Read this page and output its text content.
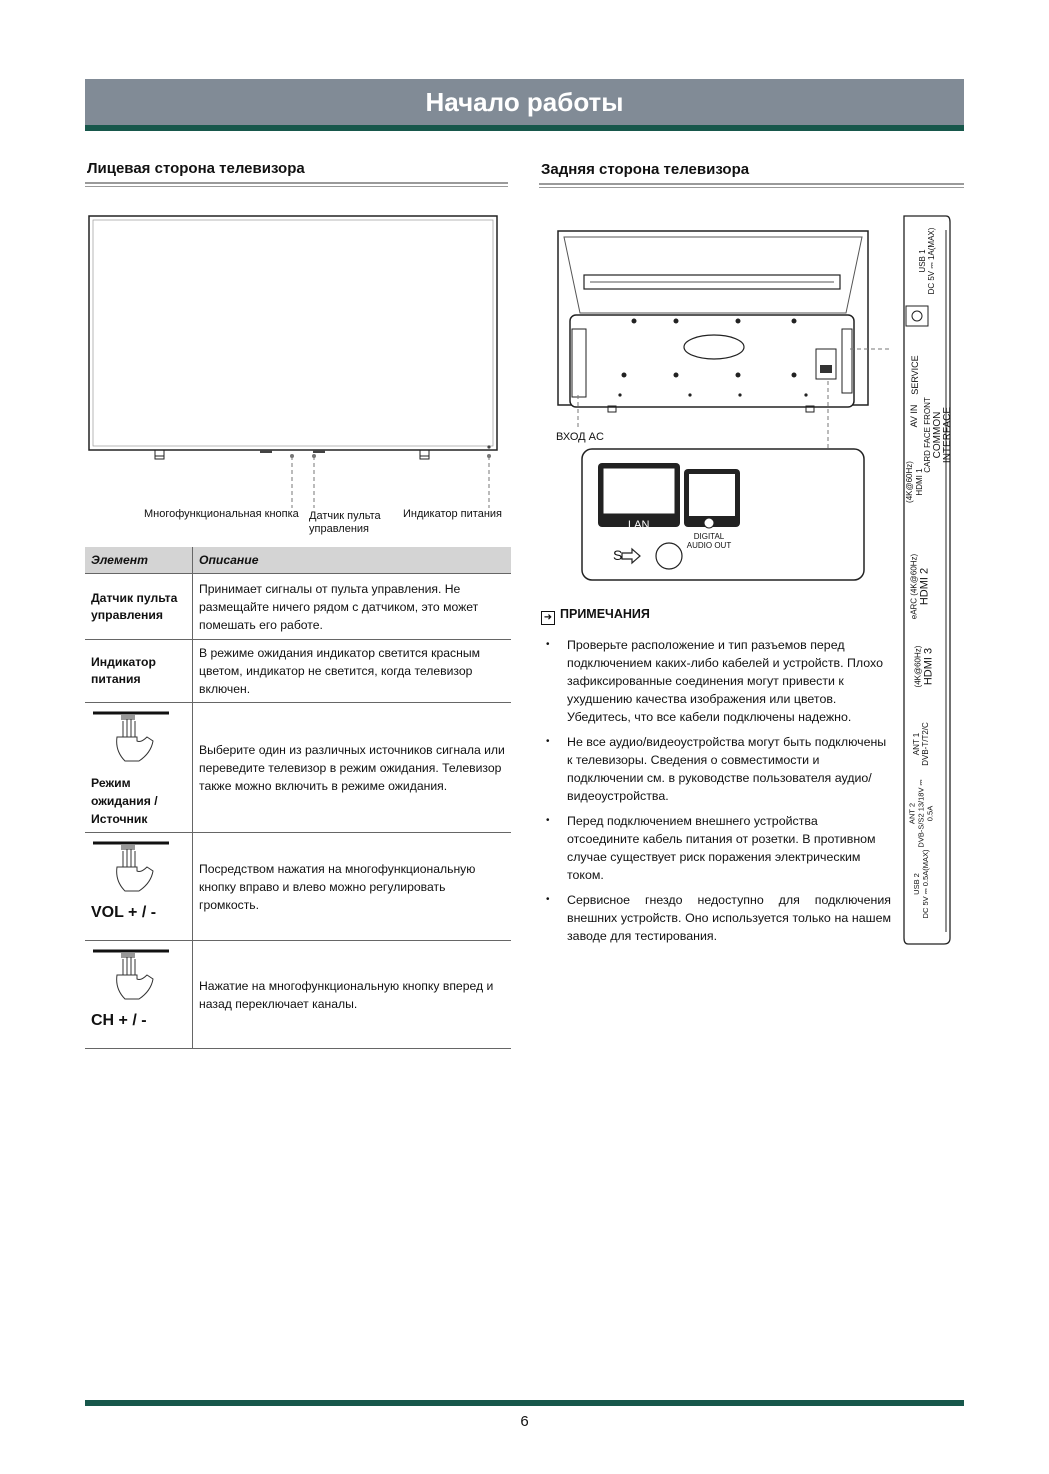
Начало работы
Лицевая сторона телевизора	Задняя сторона телевизора
Многофункциональная кнопка Датчик пульта управления
Индикатор питания
Элемент	Описание
Датчик пульта управления	Принимает сигналы от пульта управления. Не размещайте ничего рядом с датчиком, это может помешать его работе.
Индикатор питания	В режиме ожидания индикатор светится красным цветом, индикатор не светится, когда телевизор включен.

Режим ожидания / Источник	Выберите один из различных источников сигнала или переведите телевизор в режим ожидания. Телевизор также можно включить в режиме ожидания.

VOL + / -	Посредством нажатия на многофункциональную кнопку вправо и влево можно регулировать громкость.

CH + / -	Нажатие на многофункциональную кнопку вперед и назад переключает каналы.
ВХОД AC
LAN
DIGITAL AUDIO OUT
S
USB 1
DC 5V ⎓ 1A(MAX)
SERVICE
AV IN CARD FACE FRONT
COMMON INTERFACE
(4K@60Hz)
HDMI 1
eARC (4K@60Hz)
HDMI 2
(4K@60Hz)
HDMI 3
ANT 1
DVB-T/T2/C
ANT 2
DVB-S/S2 13/18V ⎓ 0.5A
USB 2
DC 5V ⎓ 0.5A(MAX)
➜ ПРИМЕЧАНИЯ
• Проверьте расположение и тип разъемов перед подключением каких-либо кабелей и устройств. Плохо зафиксированные соединения могут привести к ухудшению качества изображения или цветов. Убедитесь, что все кабели подключены надежно.
• Не все аудио/видеоустройства могут быть подключены к телевизоры. Сведения о совместимости и подключении см. в руководстве пользователя аудио/видеоустройства.
• Перед подключением внешнего устройства отсоедините кабель питания от розетки. В противном случае существует риск поражения электрическим током.
• Сервисное гнездо недоступно для подключения внешних устройств. Оно используется только на нашем заводе для тестирования.
6
